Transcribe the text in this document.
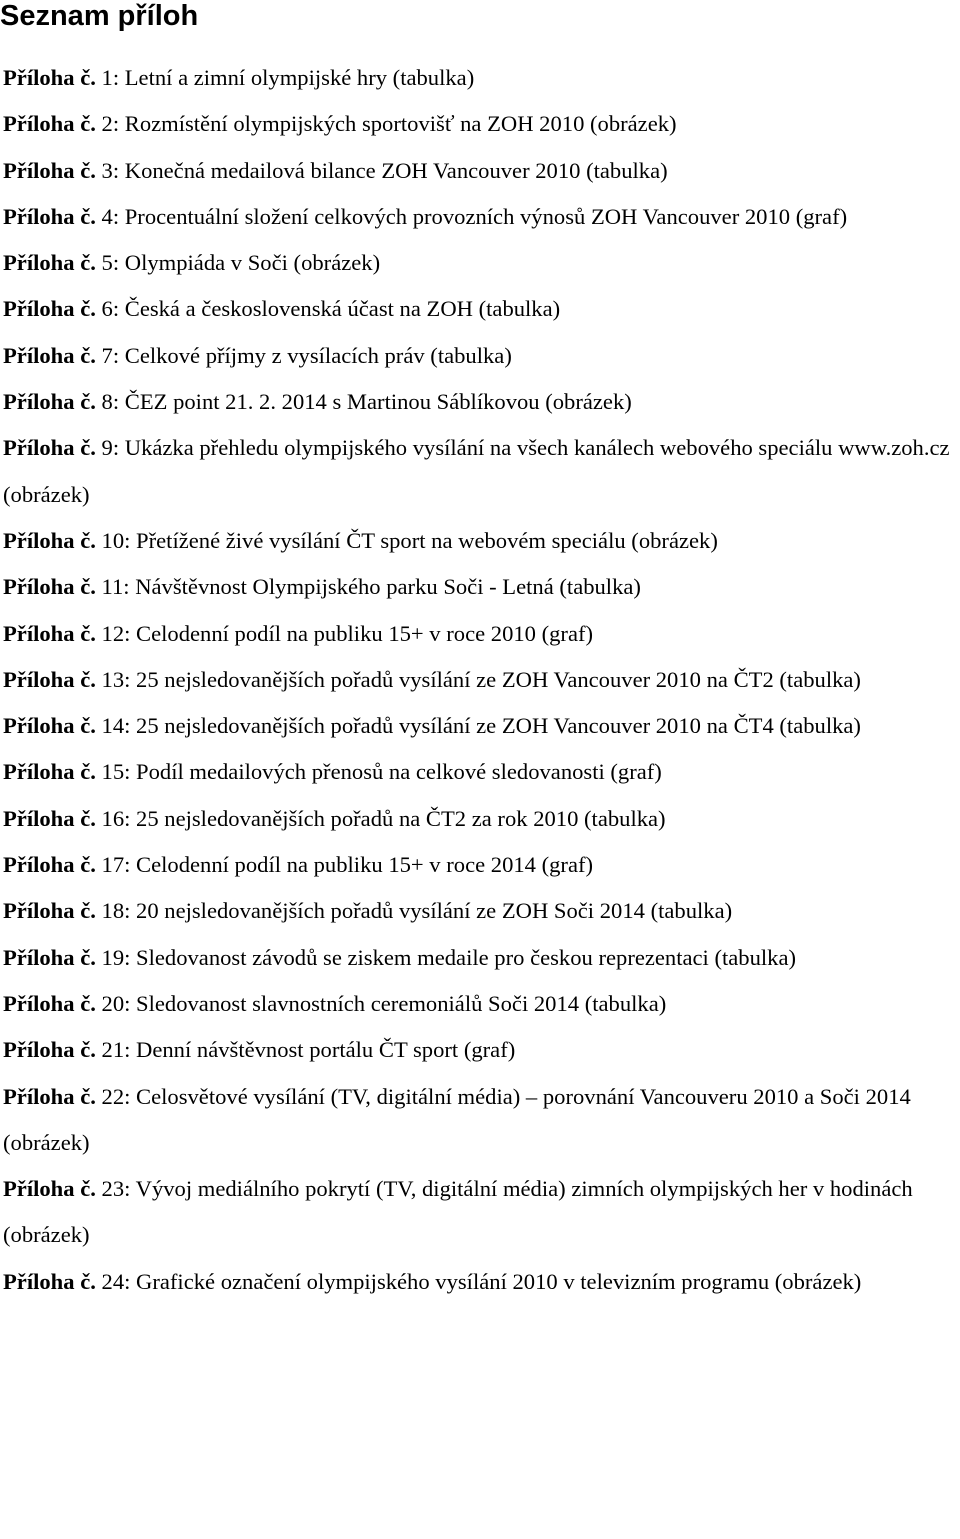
Seznam příloh
Příloha č. 1: Letní a zimní olympijské hry (tabulka)
Příloha č. 2: Rozmístění olympijských sportovišť na ZOH 2010 (obrázek)
Příloha č. 3: Konečná medailová bilance ZOH Vancouver 2010 (tabulka)
Příloha č. 4: Procentuální složení celkových provozních výnosů ZOH Vancouver 2010 (graf)
Příloha č. 5: Olympiáda v Soči (obrázek)
Příloha č. 6: Česká a československá účast na ZOH (tabulka)
Příloha č. 7: Celkové příjmy z vysílacích práv (tabulka)
Příloha č. 8: ČEZ point 21. 2. 2014 s Martinou Sáblíkovou (obrázek)
Příloha č. 9: Ukázka přehledu olympijského vysílání na všech kanálech webového speciálu www.zoh.cz (obrázek)
Příloha č. 10: Přetížené živé vysílání ČT sport na webovém speciálu (obrázek)
Příloha č. 11: Návštěvnost Olympijského parku Soči - Letná (tabulka)
Příloha č. 12: Celodenní podíl na publiku 15+ v roce 2010 (graf)
Příloha č. 13: 25 nejsledovanějších pořadů vysílání ze ZOH Vancouver 2010 na ČT2 (tabulka)
Příloha č. 14: 25 nejsledovanějších pořadů vysílání ze ZOH Vancouver 2010 na ČT4 (tabulka)
Příloha č. 15: Podíl medailových přenosů na celkové sledovanosti (graf)
Příloha č. 16: 25 nejsledovanějších pořadů na ČT2 za rok 2010 (tabulka)
Příloha č. 17: Celodenní podíl na publiku 15+ v roce 2014 (graf)
Příloha č. 18: 20 nejsledovanějších pořadů vysílání ze ZOH Soči 2014 (tabulka)
Příloha č. 19: Sledovanost závodů se ziskem medaile pro českou reprezentaci (tabulka)
Příloha č. 20: Sledovanost slavnostních ceremoniálů Soči 2014 (tabulka)
Příloha č. 21: Denní návštěvnost portálu ČT sport (graf)
Příloha č. 22: Celosvětové vysílání (TV, digitální média) – porovnání Vancouveru 2010 a Soči 2014 (obrázek)
Příloha č. 23: Vývoj mediálního pokrytí (TV, digitální média) zimních olympijských her v hodinách (obrázek)
Příloha č. 24: Grafické označení olympijského vysílání 2010 v televizním programu (obrázek)
